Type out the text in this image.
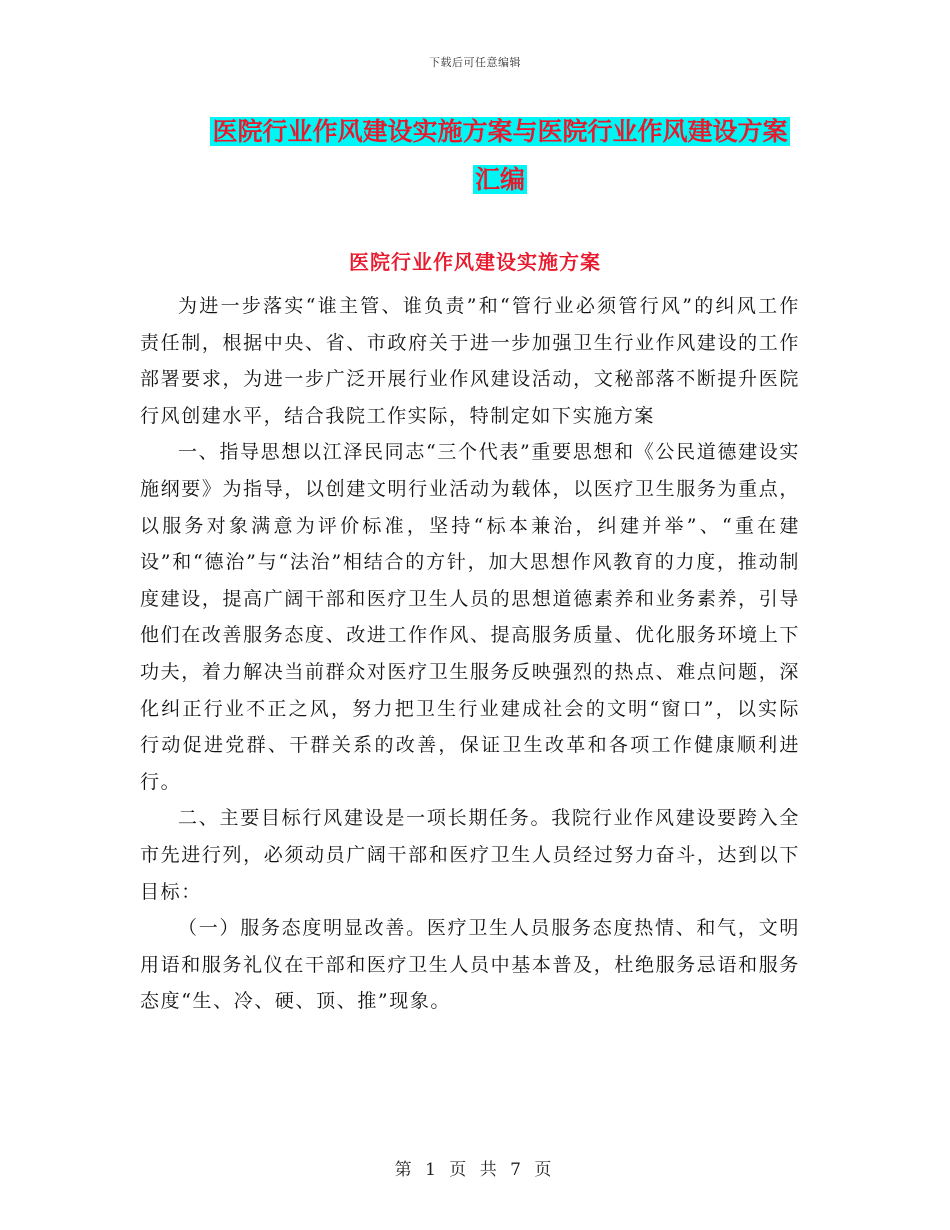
下载后可任意编辑
医院行业作风建设实施方案与医院行业作风建设方案
汇编
医院行业作风建设实施方案

为进一步落实“谁主管、谁负责”和“管行业必须管行风”的纠风工作责任制，根据中央、省、市政府关于进一步加强卫生行业作风建设的工作部署要求，为进一步广泛开展行业作风建设活动，文秘部落不断提升医院行风创建水平，结合我院工作实际，特制定如下实施方案

一、指导思想以江泽民同志“三个代表”重要思想和《公民道德建设实施纲要》为指导，以创建文明行业活动为载体，以医疗卫生服务为重点，以服务对象满意为评价标准，坚持“标本兼治，纠建并举”、“重在建设”和“德治”与“法治”相结合的方针，加大思想作风教育的力度，推动制度建设，提高广阔干部和医疗卫生人员的思想道德素养和业务素养，引导他们在改善服务态度、改进工作作风、提高服务质量、优化服务环境上下功夫，着力解决当前群众对医疗卫生服务反映强烈的热点、难点问题，深化纠正行业不正之风，努力把卫生行业建成社会的文明“窗口”，以实际行动促进党群、干群关系的改善，保证卫生改革和各项工作健康顺利进行。

二、主要目标行风建设是一项长期任务。我院行业作风建设要跨入全市先进行列，必须动员广阔干部和医疗卫生人员经过努力奋斗，达到以下目标：

（一）服务态度明显改善。医疗卫生人员服务态度热情、和气，文明用语和服务礼仪在干部和医疗卫生人员中基本普及，杜绝服务忌语和服务态度“生、冷、硬、顶、推”现象。

第 1 页 共 7 页
